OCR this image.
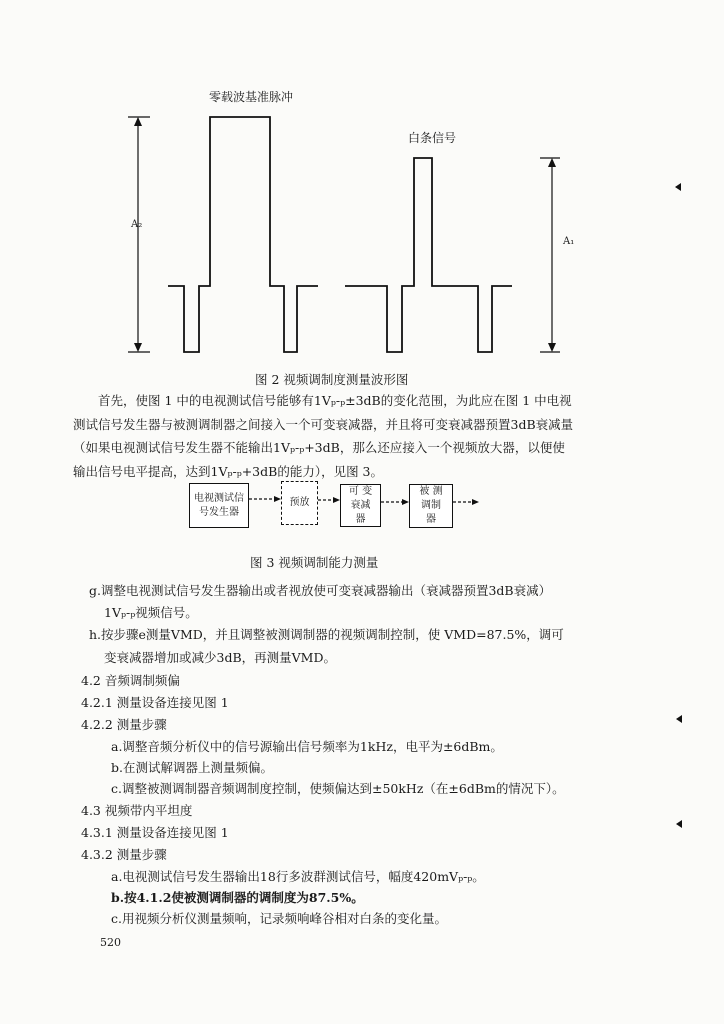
零载波基准脉冲
白条信号
A₂
A₁
图 2 视频调制度测量波形图
首先，使图 1 中的电视测试信号能够有1Vₚ-ₚ±3dB的变化范围，为此应在图 1 中电视
测试信号发生器与被测调制器之间接入一个可变衰减器，并且将可变衰减器预置3dB衰减量
（如果电视测试信号发生器不能输出1Vₚ-ₚ+3dB，那么还应接入一个视频放大器，以便使
输出信号电平提高，达到1Vₚ-ₚ+3dB的能力），见图 3。
电视测试信号发生器
预放
可 变 衰减器
被 测 调制器
图 3 视频调制能力测量
g.调整电视测试信号发生器输出或者视放使可变衰减器输出（衰减器预置3dB衰减）
1Vₚ-ₚ视频信号。
h.按步骤e测量VMD，并且调整被测调制器的视频调制控制，使 VMD=87.5%，调可
变衰减器增加或减少3dB，再测量VMD。
4.2 音频调制频偏
4.2.1 测量设备连接见图 1
4.2.2 测量步骤
a.调整音频分析仪中的信号源输出信号频率为1kHz，电平为±6dBm。
b.在测试解调器上测量频偏。
c.调整被测调制器音频调制度控制，使频偏达到±50kHz（在±6dBm的情况下）。
4.3 视频带内平坦度
4.3.1 测量设备连接见图 1
4.3.2 测量步骤
a.电视测试信号发生器输出18行多波群测试信号，幅度420mVₚ-ₚ。
b.按4.1.2使被测调制器的调制度为87.5%。
c.用视频分析仪测量频响，记录频响峰谷相对白条的变化量。
520
